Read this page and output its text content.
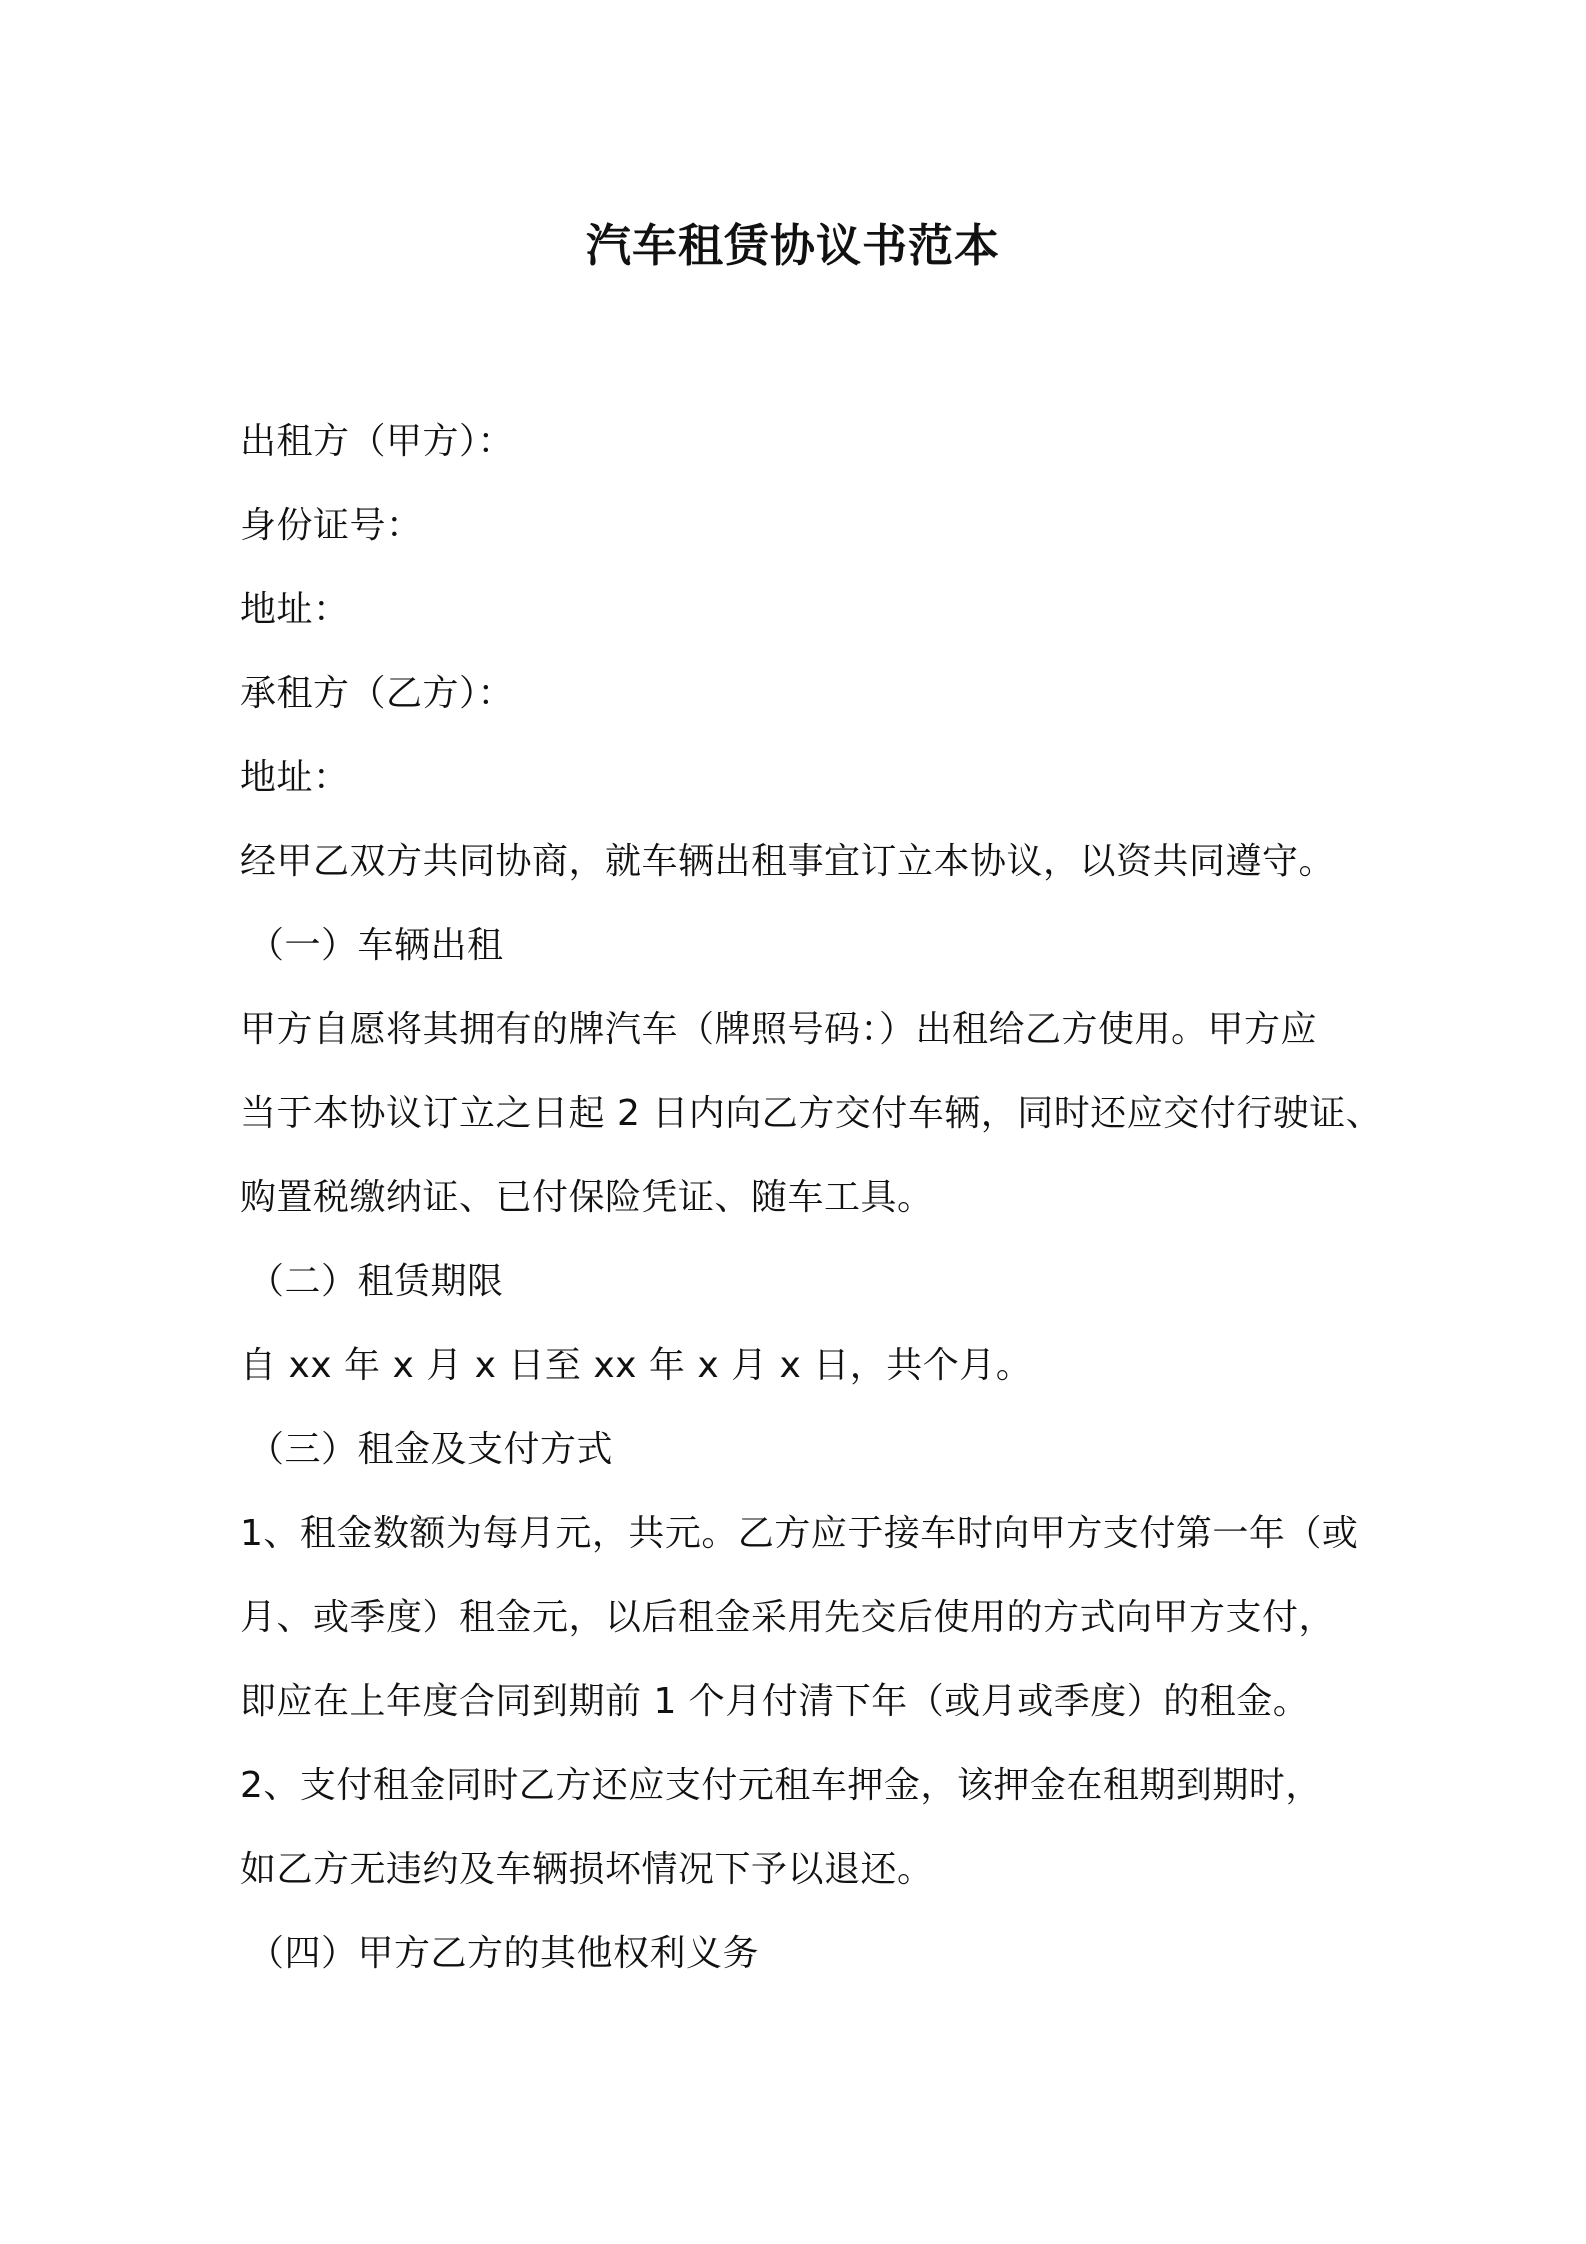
汽车租赁协议书范本
出租方（甲方）：
身份证号：
地址：
承租方（乙方）：
地址：
经甲乙双方共同协商，就车辆出租事宜订立本协议，以资共同遵守。
（一）车辆出租
甲方自愿将其拥有的牌汽车（牌照号码：）出租给乙方使用。甲方应
当于本协议订立之日起 2 日内向乙方交付车辆，同时还应交付行驶证、
购置税缴纳证、已付保险凭证、随车工具。
（二）租赁期限
自 xx 年 x 月 x 日至 xx 年 x 月 x 日，共个月。
（三）租金及支付方式
1、租金数额为每月元，共元。乙方应于接车时向甲方支付第一年（或
月、或季度）租金元，以后租金采用先交后使用的方式向甲方支付，
即应在上年度合同到期前 1 个月付清下年（或月或季度）的租金。
2、支付租金同时乙方还应支付元租车押金，该押金在租期到期时，
如乙方无违约及车辆损坏情况下予以退还。
（四）甲方乙方的其他权利义务
